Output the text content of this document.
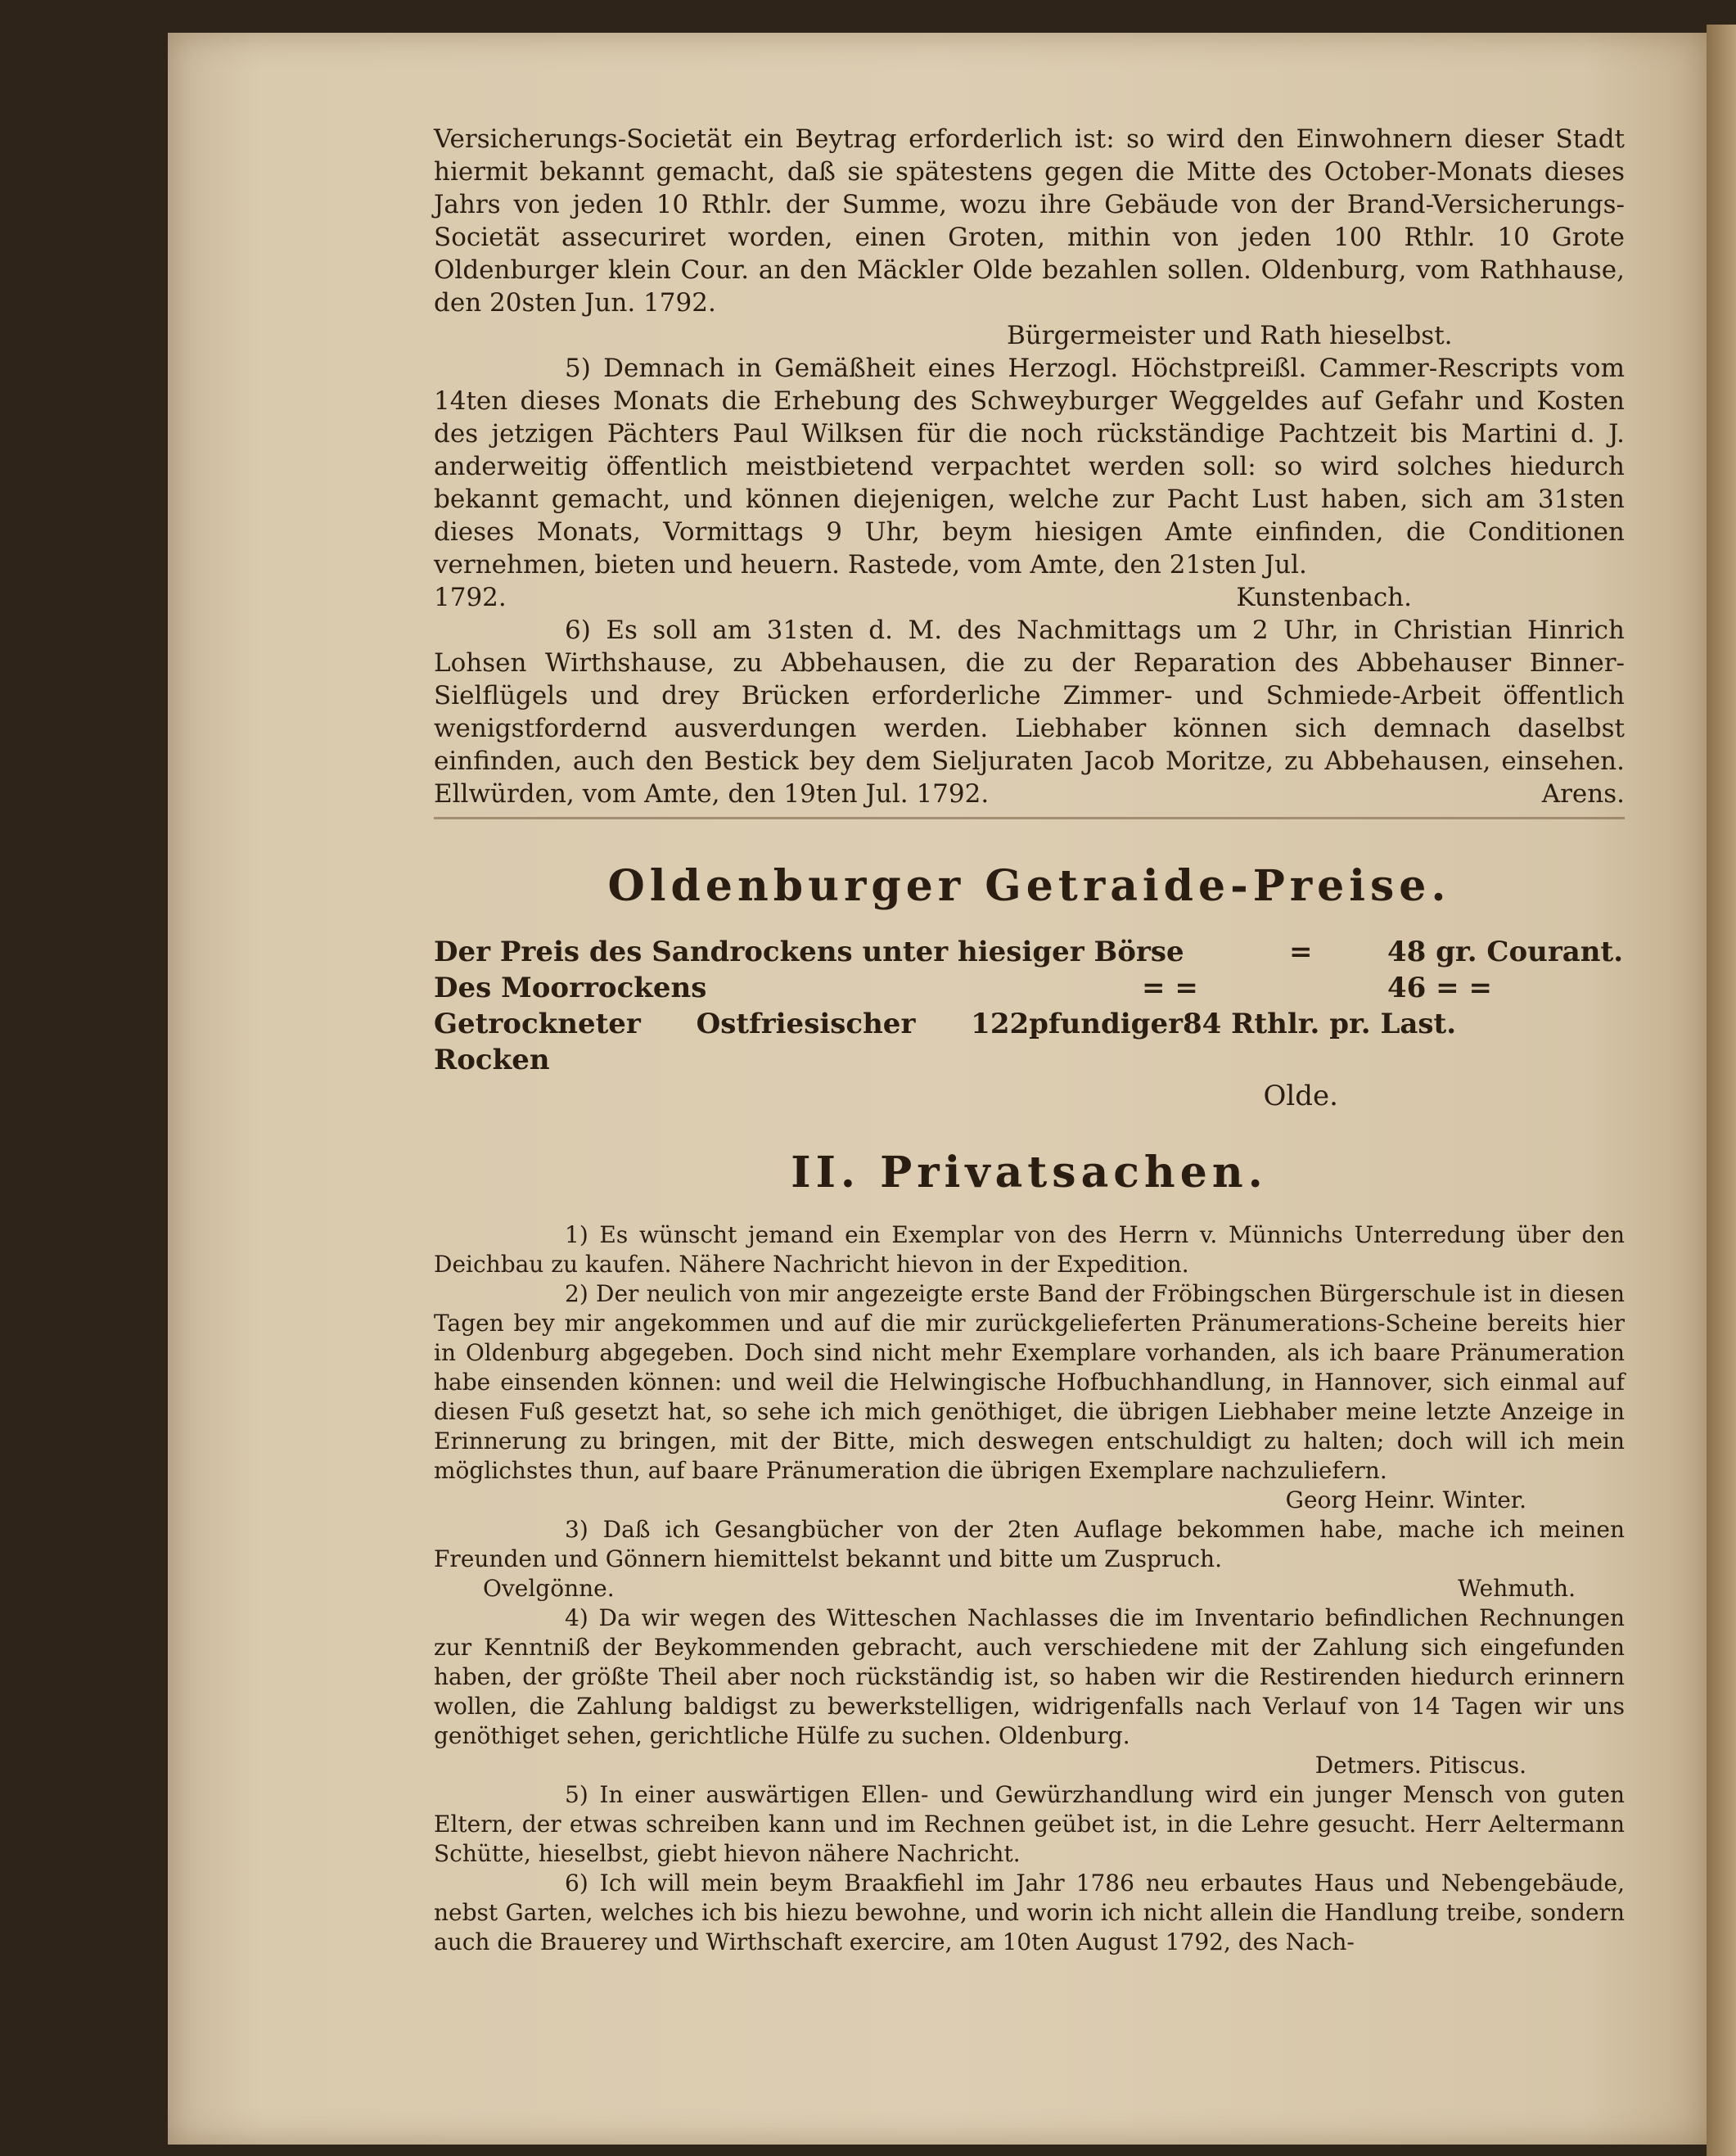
Versicherungs-Societät ein Beytrag erforderlich ist: so wird den Einwohnern dieser Stadt hiermit bekannt gemacht, daß sie spätestens gegen die Mitte des October-Monats dieses Jahrs von jeden 10 Rthlr. der Summe, wozu ihre Gebäude von der Brand-Versicherungs-Societät assecuriret worden, einen Groten, mithin von jeden 100 Rthlr. 10 Grote Oldenburger klein Cour. an den Mäckler Olde bezahlen sollen. Oldenburg, vom Rathhause, den 20sten Jun. 1792.

Bürgermeister und Rath hieselbst.

5) Demnach in Gemäßheit eines Herzogl. Höchstpreißl. Cammer-Rescripts vom 14ten dieses Monats die Erhebung des Schweyburger Weggeldes auf Gefahr und Kosten des jetzigen Pächters Paul Wilksen für die noch rückständige Pachtzeit bis Martini d. J. anderweitig öffentlich meistbietend verpachtet werden soll: so wird solches hiedurch bekannt gemacht, und können diejenigen, welche zur Pacht Lust haben, sich am 31sten dieses Monats, Vormittags 9 Uhr, beym hiesigen Amte einfinden, die Conditionen vernehmen, bieten und heuern. Rastede, vom Amte, den 21sten Jul.

1792.	Kunstenbach.

6) Es soll am 31sten d. M. des Nachmittags um 2 Uhr, in Christian Hinrich Lohsen Wirthshause, zu Abbehausen, die zu der Reparation des Abbehauser Binner-Sielflügels und drey Brücken erforderliche Zimmer- und Schmiede-Arbeit öffentlich wenigstfordernd ausverdungen werden. Liebhaber können sich demnach daselbst einfinden, auch den Bestick bey dem Sieljuraten Jacob Moritze, zu Abbehausen, einsehen. Ellwürden, vom Amte, den 19ten Jul. 1792.	Arens.

Oldenburger Getraide-Preise.
Der Preis des Sandrockens unter hiesiger Börse	=	48 gr. Courant.
Des Moorrockens	= =	46 = =
Getrockneter Ostfriesischer 122pfundiger Rocken
84 Rthlr. pr. Last.
Olde.
II. Privatsachen.

1) Es wünscht jemand ein Exemplar von des Herrn v. Münnichs Unterredung über den Deichbau zu kaufen. Nähere Nachricht hievon in der Expedition.

2) Der neulich von mir angezeigte erste Band der Fröbingschen Bürgerschule ist in diesen Tagen bey mir angekommen und auf die mir zurückgelieferten Pränumerations-Scheine bereits hier in Oldenburg abgegeben. Doch sind nicht mehr Exemplare vorhanden, als ich baare Pränumeration habe einsenden können: und weil die Helwingische Hofbuchhandlung, in Hannover, sich einmal auf diesen Fuß gesetzt hat, so sehe ich mich genöthiget, die übrigen Liebhaber meine letzte Anzeige in Erinnerung zu bringen, mit der Bitte, mich deswegen entschuldigt zu halten; doch will ich mein möglichstes thun, auf baare Pränumeration die übrigen Exemplare nachzuliefern.

Georg Heinr. Winter.

3) Daß ich Gesangbücher von der 2ten Auflage bekommen habe, mache ich meinen Freunden und Gönnern hiemittelst bekannt und bitte um Zuspruch.

Ovelgönne.	Wehmuth.

4) Da wir wegen des Witteschen Nachlasses die im Inventario befindlichen Rechnungen zur Kenntniß der Beykommenden gebracht, auch verschiedene mit der Zahlung sich eingefunden haben, der größte Theil aber noch rückständig ist, so haben wir die Restirenden hiedurch erinnern wollen, die Zahlung baldigst zu bewerkstelligen, widrigenfalls nach Verlauf von 14 Tagen wir uns genöthiget sehen, gerichtliche Hülfe zu suchen. Oldenburg.

Detmers. Pitiscus.

5) In einer auswärtigen Ellen- und Gewürzhandlung wird ein junger Mensch von guten Eltern, der etwas schreiben kann und im Rechnen geübet ist, in die Lehre gesucht. Herr Aeltermann Schütte, hieselbst, giebt hievon nähere Nachricht.

6) Ich will mein beym Braakfiehl im Jahr 1786 neu erbautes Haus und Nebengebäude, nebst Garten, welches ich bis hiezu bewohne, und worin ich nicht allein die Handlung treibe, sondern auch die Brauerey und Wirthschaft exercire, am 10ten August 1792, des Nach-
